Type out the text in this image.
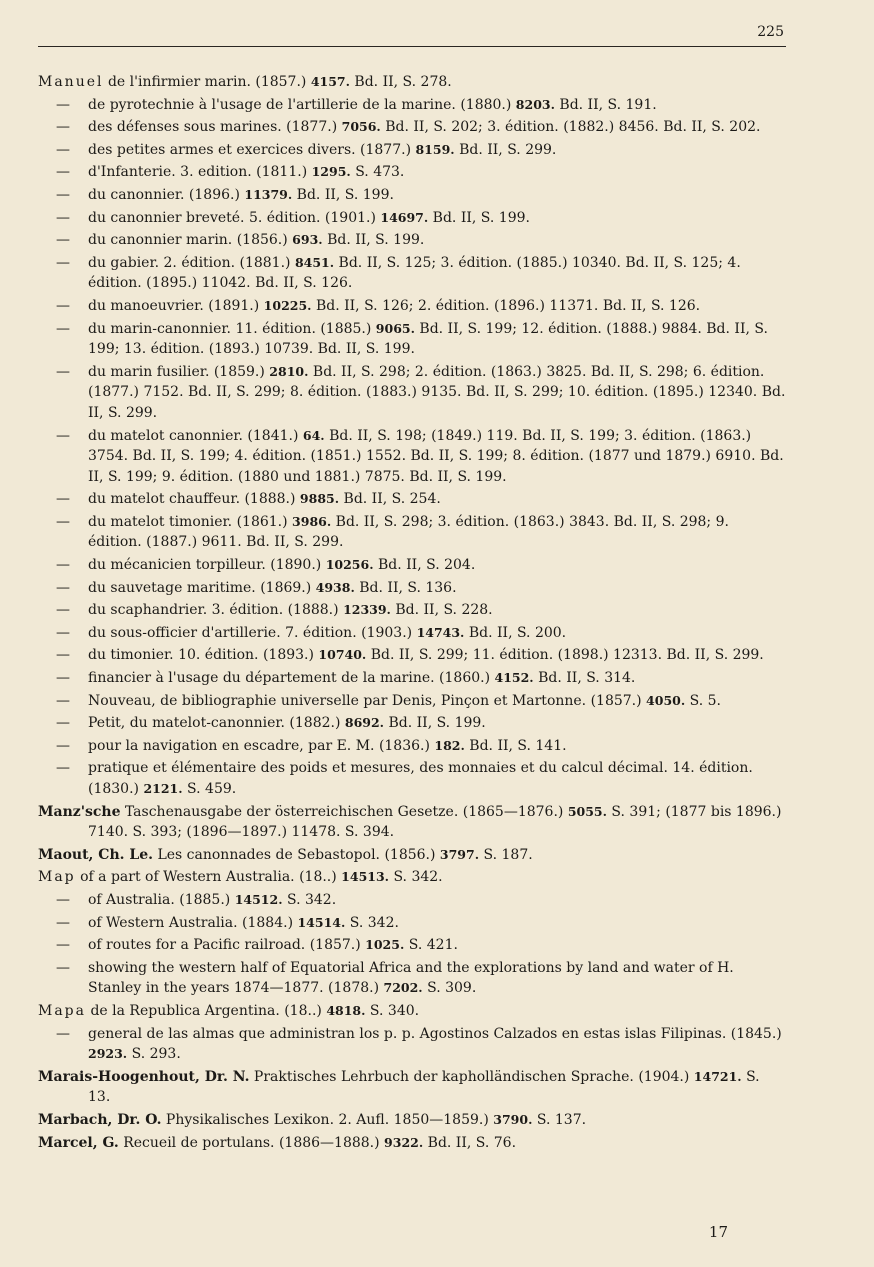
225
Manuel de l'infirmier marin. (1857.) 4157. Bd. II, S. 278.
— de pyrotechnie à l'usage de l'artillerie de la marine. (1880.) 8203. Bd. II, S. 191.
— des défenses sous marines. (1877.) 7056. Bd. II, S. 202; 3. édition. (1882.) 8456. Bd. II, S. 202.
— des petites armes et exercices divers. (1877.) 8159. Bd. II, S. 299.
— d'Infanterie. 3. edition. (1811.) 1295. S. 473.
— du canonnier. (1896.) 11379. Bd. II, S. 199.
— du canonnier breveté. 5. édition. (1901.) 14697. Bd. II, S. 199.
— du canonnier marin. (1856.) 693. Bd. II, S. 199.
— du gabier. 2. édition. (1881.) 8451. Bd. II, S. 125; 3. édition. (1885.) 10340. Bd. II, S. 125; 4. édition. (1895.) 11042. Bd. II, S. 126.
— du manoeuvrier. (1891.) 10225. Bd. II, S. 126; 2. édition. (1896.) 11371. Bd. II, S. 126.
— du marin-canonnier. 11. édition. (1885.) 9065. Bd. II, S. 199; 12. édition. (1888.) 9884. Bd. II, S. 199; 13. édition. (1893.) 10739. Bd. II, S. 199.
— du marin fusilier. (1859.) 2810. Bd. II, S. 298; 2. édition. (1863.) 3825. Bd. II, S. 298; 6. édition. (1877.) 7152. Bd. II, S. 299; 8. édition. (1883.) 9135. Bd. II, S. 299; 10. édition. (1895.) 12340. Bd. II, S. 299.
— du matelot canonnier. (1841.) 64. Bd. II, S. 198; (1849.) 119. Bd. II, S. 199; 3. édition. (1863.) 3754. Bd. II, S. 199; 4. édition. (1851.) 1552. Bd. II, S. 199; 8. édition. (1877 und 1879.) 6910. Bd. II, S. 199; 9. édition. (1880 und 1881.) 7875. Bd. II, S. 199.
— du matelot chauffeur. (1888.) 9885. Bd. II, S. 254.
— du matelot timonier. (1861.) 3986. Bd. II, S. 298; 3. édition. (1863.) 3843. Bd. II, S. 298; 9. édition. (1887.) 9611. Bd. II, S. 299.
— du mécanicien torpilleur. (1890.) 10256. Bd. II, S. 204.
— du sauvetage maritime. (1869.) 4938. Bd. II, S. 136.
— du scaphandrier. 3. édition. (1888.) 12339. Bd. II, S. 228.
— du sous-officier d'artillerie. 7. édition. (1903.) 14743. Bd. II, S. 200.
— du timonier. 10. édition. (1893.) 10740. Bd. II, S. 299; 11. édition. (1898.) 12313. Bd. II, S. 299.
— financier à l'usage du département de la marine. (1860.) 4152. Bd. II, S. 314.
— Nouveau, de bibliographie universelle par Denis, Pinçon et Martonne. (1857.) 4050. S. 5.
— Petit, du matelot-canonnier. (1882.) 8692. Bd. II, S. 199.
— pour la navigation en escadre, par E. M. (1836.) 182. Bd. II, S. 141.
— pratique et élémentaire des poids et mesures, des monnaies et du calcul décimal. 14. édition. (1830.) 2121. S. 459.
Manz'sche Taschenausgabe der österreichischen Gesetze. (1865—1876.) 5055. S. 391; (1877 bis 1896.) 7140. S. 393; (1896—1897.) 11478. S. 394.
Maout, Ch. Le. Les canonnades de Sebastopol. (1856.) 3797. S. 187.
Map of a part of Western Australia. (18..) 14513. S. 342.
— of Australia. (1885.) 14512. S. 342.
— of Western Australia. (1884.) 14514. S. 342.
— of routes for a Pacific railroad. (1857.) 1025. S. 421.
— showing the western half of Equatorial Africa and the explorations by land and water of H. Stanley in the years 1874—1877. (1878.) 7202. S. 309.
Mapa de la Republica Argentina. (18..) 4818. S. 340.
— general de las almas que administran los p. p. Agostinos Calzados en estas islas Filipinas. (1845.) 2923. S. 293.
Marais-Hoogenhout, Dr. N. Praktisches Lehrbuch der kapholländischen Sprache. (1904.) 14721. S. 13.
Marbach, Dr. O. Physikalisches Lexikon. 2. Aufl. 1850—1859.) 3790. S. 137.
Marcel, G. Recueil de portulans. (1886—1888.) 9322. Bd. II, S. 76.
17
